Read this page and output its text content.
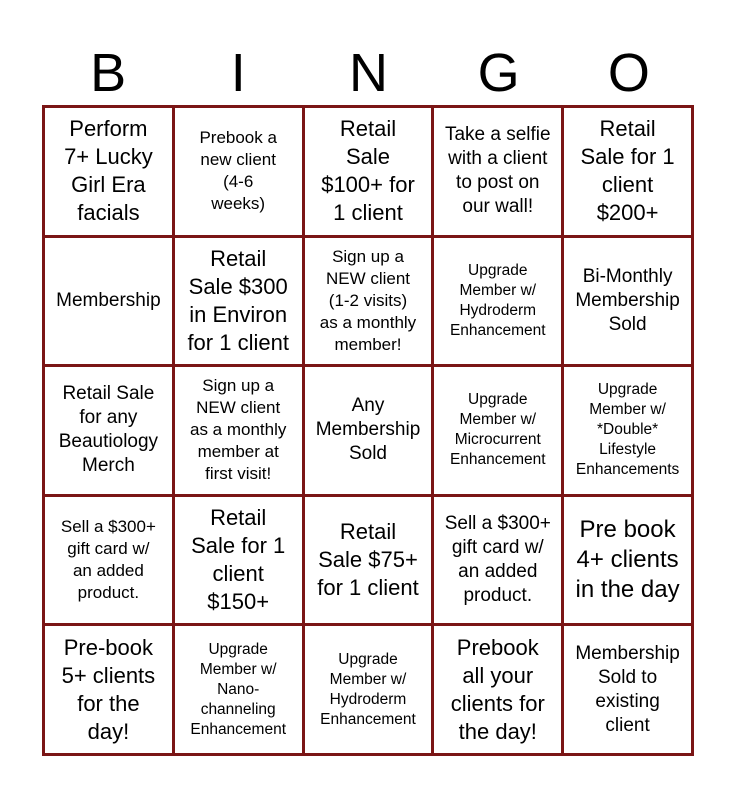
B	I	N	G	O
Perform
7+ Lucky
Girl Era
facials
Prebook a
new client
(4-6
weeks)
Retail
Sale
$100+ for
1 client
Take a selfie
with a client
to post on
our wall!
Retail
Sale for 1
client
$200+
Membership
Retail
Sale $300
in Environ
for 1 client
Sign up a
NEW client
(1-2 visits)
as a monthly
member!
Upgrade
Member w/
Hydroderm
Enhancement
Bi-Monthly
Membership
Sold
Retail Sale
for any
Beautiology
Merch
Sign up a
NEW client
as a monthly
member at
first visit!
Any
Membership
Sold
Upgrade
Member w/
Microcurrent
Enhancement
Upgrade
Member w/
*Double*
Lifestyle
Enhancements
Sell a $300+
gift card w/
an added
product.
Retail
Sale for 1
client
$150+
Retail
Sale $75+
for 1 client
Sell a $300+
gift card w/
an added
product.
Pre book
4+ clients
in the day
Pre-book
5+ clients
for the
day!
Upgrade
Member w/
Nano-
channeling
Enhancement
Upgrade
Member w/
Hydroderm
Enhancement
Prebook
all your
clients for
the day!
Membership
Sold to
existing
client
